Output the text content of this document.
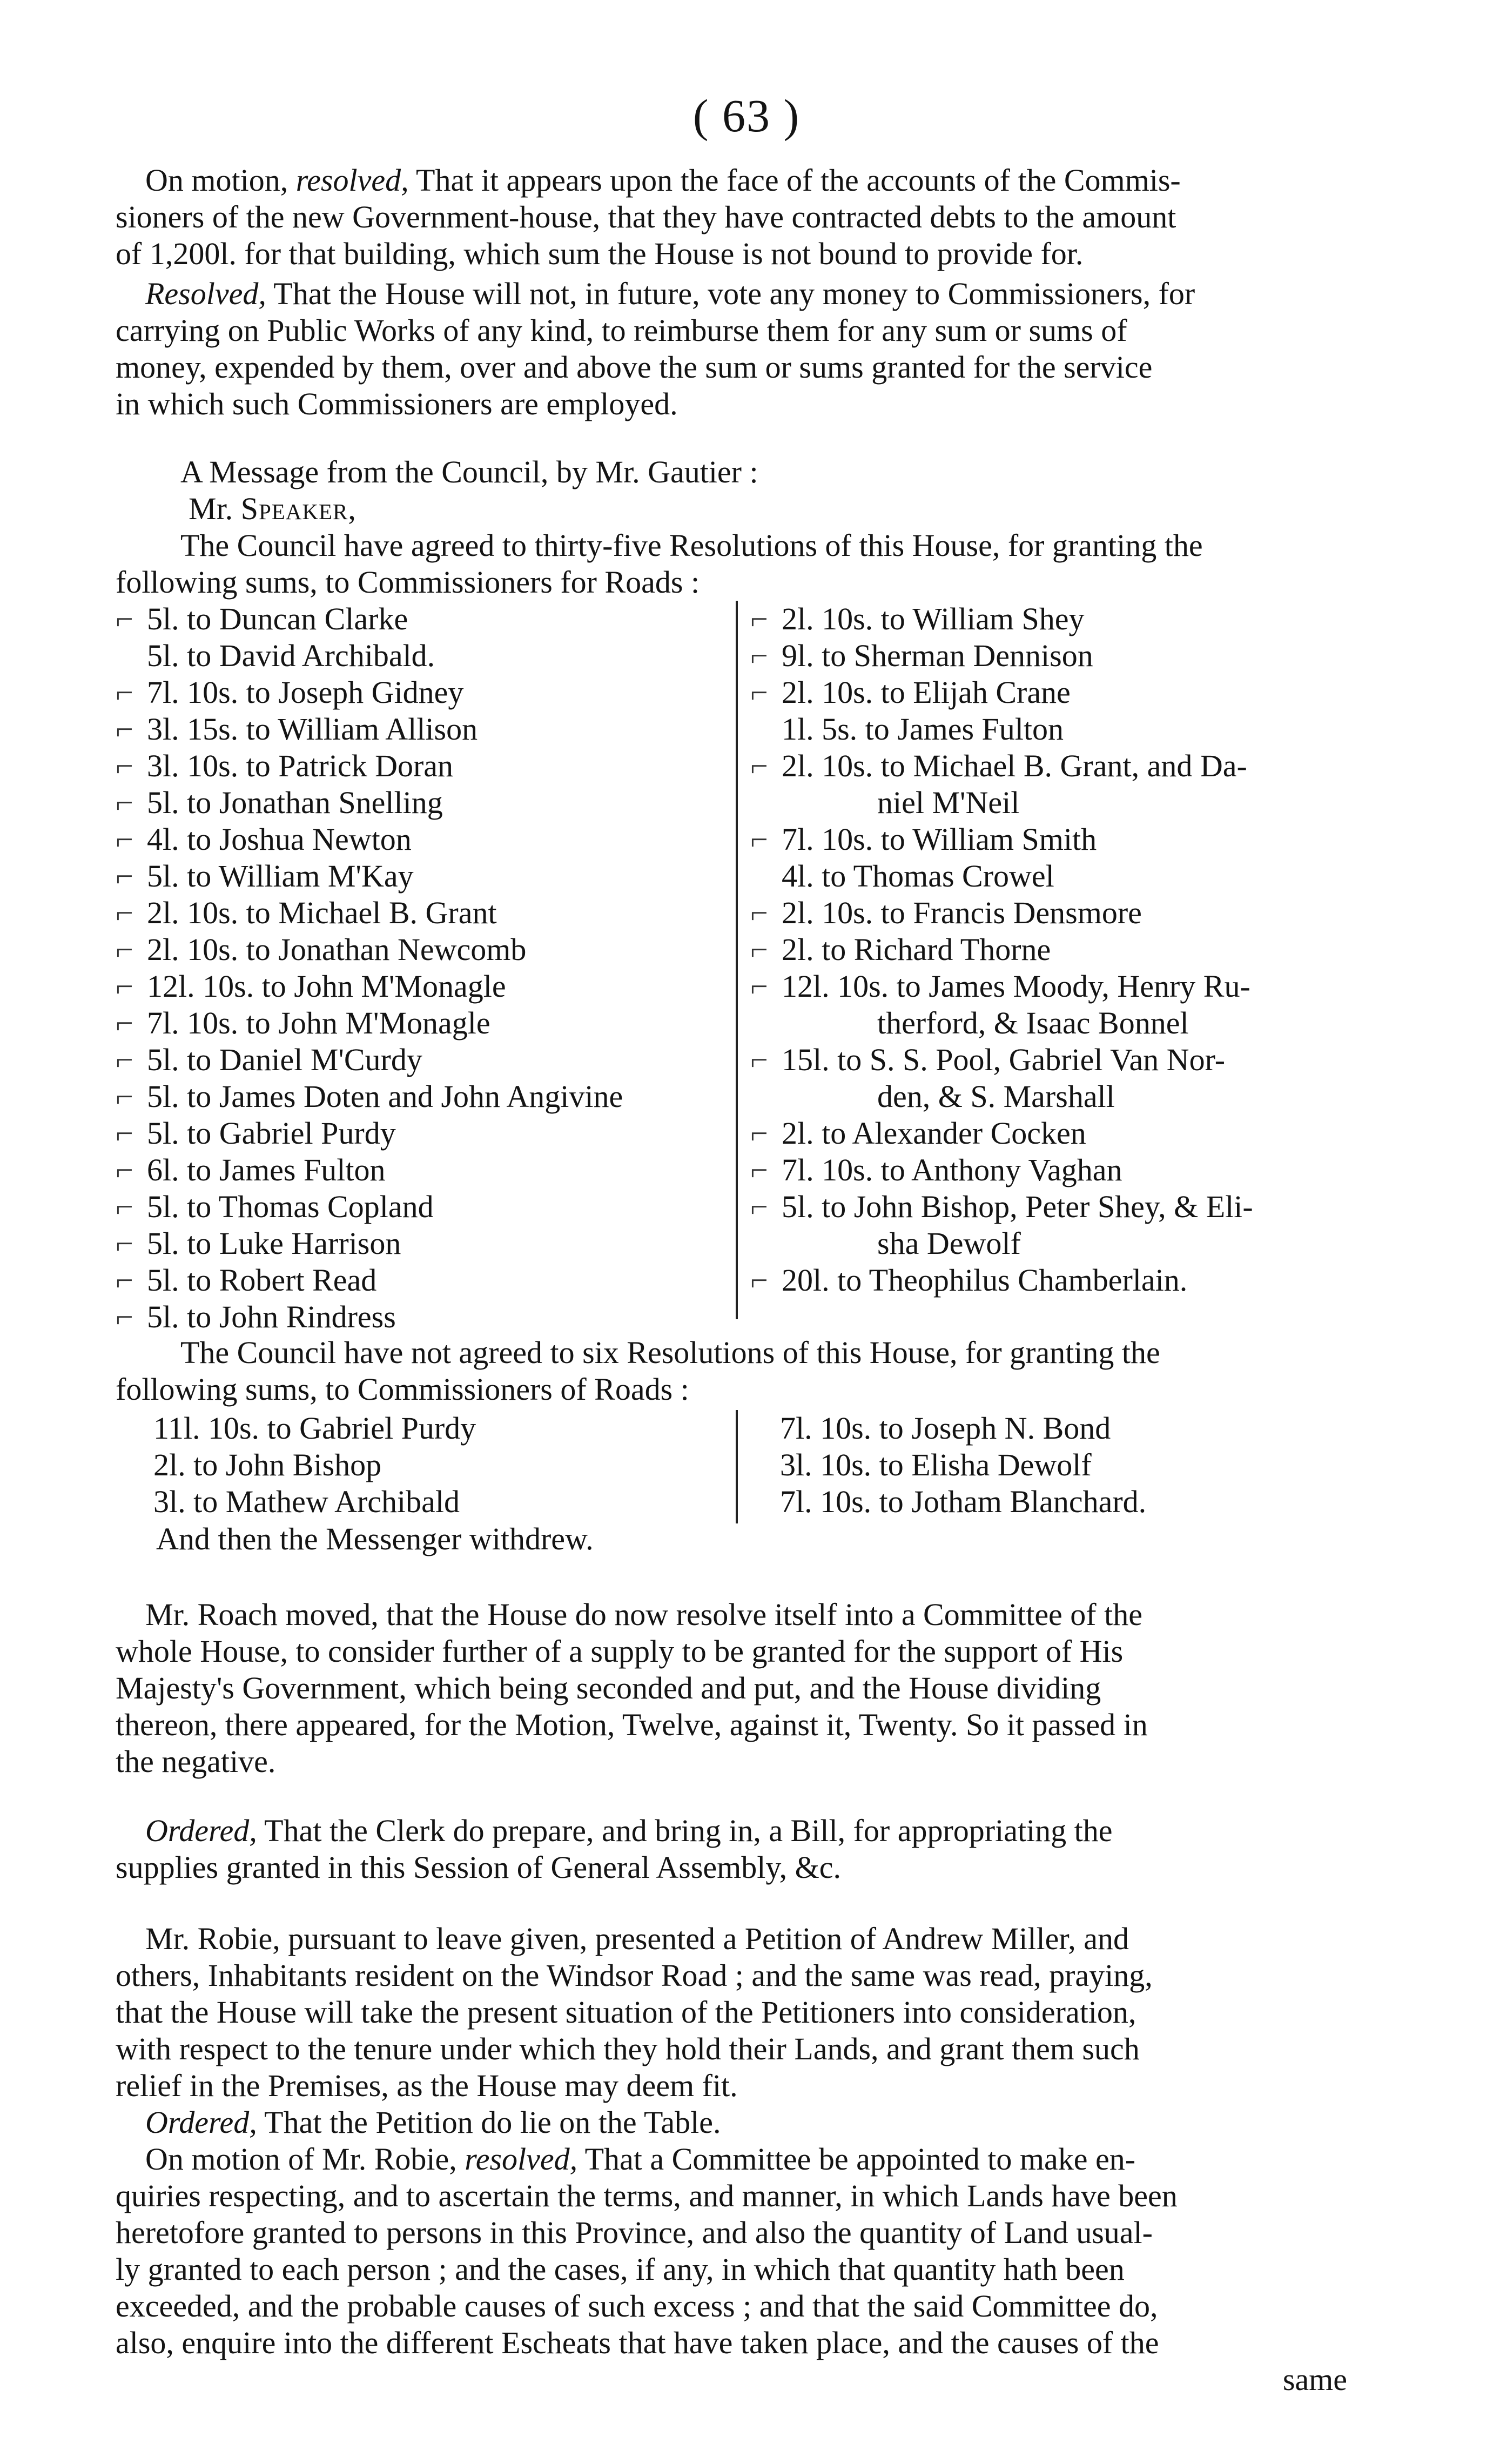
( 63 )

On motion, resolved, That it appears upon the face of the accounts of the Commis-

sioners of the new Government-house, that they have contracted debts to the amount

of 1,200l. for that building, which sum the House is not bound to provide for.

Resolved, That the House will not, in future, vote any money to Commissioners, for

carrying on Public Works of any kind, to reimburse them for any sum or sums of

money, expended by them, over and above the sum or sums granted for the service

in which such Commissioners are employed.

A Message from the Council, by Mr. Gautier :

Mr. Speaker,

The Council have agreed to thirty-five Resolutions of this House, for granting the

following sums, to Commissioners for Roads :

⌐ 5l. to Duncan Clarke
5l. to David Archibald.
⌐ 7l. 10s. to Joseph Gidney
⌐ 3l. 15s. to William Allison
⌐ 3l. 10s. to Patrick Doran
⌐ 5l. to Jonathan Snelling
⌐ 4l. to Joshua Newton
⌐ 5l. to William M'Kay
⌐ 2l. 10s. to Michael B. Grant
⌐ 2l. 10s. to Jonathan Newcomb
⌐ 12l. 10s. to John M'Monagle
⌐ 7l. 10s. to John M'Monagle
⌐ 5l. to Daniel M'Curdy
⌐ 5l. to James Doten and John Angivine
⌐ 5l. to Gabriel Purdy
⌐ 6l. to James Fulton
⌐ 5l. to Thomas Copland
⌐ 5l. to Luke Harrison
⌐ 5l. to Robert Read
⌐ 5l. to John Rindress
⌐ 2l. 10s. to William Shey
⌐ 9l. to Sherman Dennison
⌐ 2l. 10s. to Elijah Crane
1l. 5s. to James Fulton
⌐ 2l. 10s. to Michael B. Grant, and Da-
niel M'Neil
⌐ 7l. 10s. to William Smith
4l. to Thomas Crowel
⌐ 2l. 10s. to Francis Densmore
⌐ 2l. to Richard Thorne
⌐ 12l. 10s. to James Moody, Henry Ru-
therford, & Isaac Bonnel
⌐ 15l. to S. S. Pool, Gabriel Van Nor-
den, & S. Marshall
⌐ 2l. to Alexander Cocken
⌐ 7l. 10s. to Anthony Vaghan
⌐ 5l. to John Bishop, Peter Shey, & Eli-
sha Dewolf
⌐ 20l. to Theophilus Chamberlain.

The Council have not agreed to six Resolutions of this House, for granting the

following sums, to Commissioners of Roads :

11l. 10s. to Gabriel Purdy
2l. to John Bishop
3l. to Mathew Archibald
7l. 10s. to Joseph N. Bond
3l. 10s. to Elisha Dewolf
7l. 10s. to Jotham Blanchard.

And then the Messenger withdrew.

Mr. Roach moved, that the House do now resolve itself into a Committee of the

whole House, to consider further of a supply to be granted for the support of His

Majesty's Government, which being seconded and put, and the House dividing

thereon, there appeared, for the Motion, Twelve, against it, Twenty. So it passed in

the negative.

Ordered, That the Clerk do prepare, and bring in, a Bill, for appropriating the

supplies granted in this Session of General Assembly, &c.

Mr. Robie, pursuant to leave given, presented a Petition of Andrew Miller, and

others, Inhabitants resident on the Windsor Road ; and the same was read, praying,

that the House will take the present situation of the Petitioners into consideration,

with respect to the tenure under which they hold their Lands, and grant them such

relief in the Premises, as the House may deem fit.

Ordered, That the Petition do lie on the Table.

On motion of Mr. Robie, resolved, That a Committee be appointed to make en-

quiries respecting, and to ascertain the terms, and manner, in which Lands have been

heretofore granted to persons in this Province, and also the quantity of Land usual-

ly granted to each person ; and the cases, if any, in which that quantity hath been

exceeded, and the probable causes of such excess ; and that the said Committee do,

also, enquire into the different Escheats that have taken place, and the causes of the

same
